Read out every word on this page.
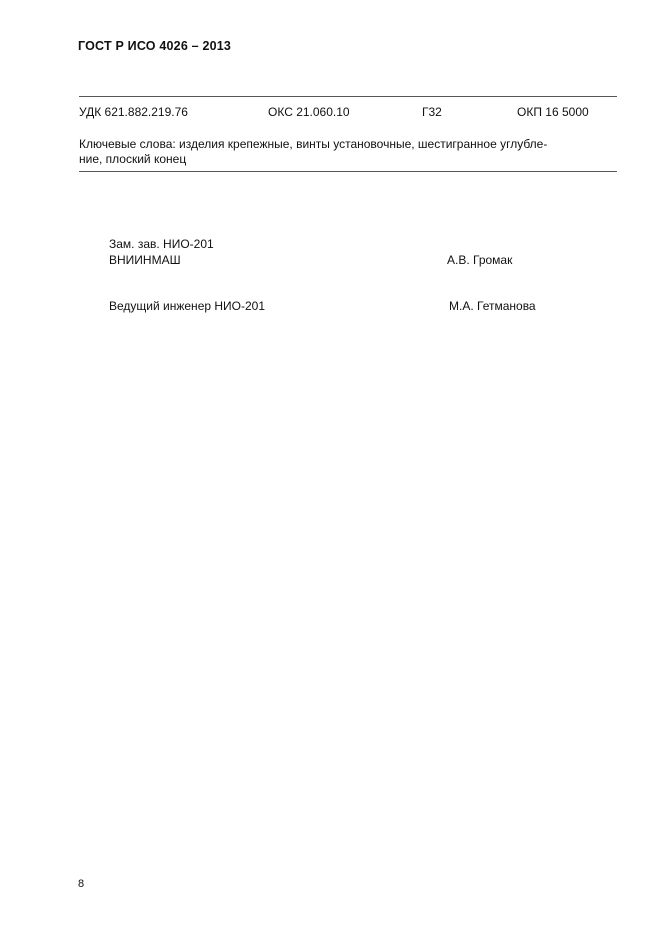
ГОСТ Р ИСО 4026 – 2013
УДК 621.882.219.76	ОКС 21.060.10	Г32	ОКП 16 5000
Ключевые слова: изделия крепежные, винты установочные, шестигранное углубле-
ние, плоский конец
Зам. зав. НИО-201
ВНИИНМАШ	А.В. Громак
Ведущий инженер НИО-201	М.А. Гетманова
8
